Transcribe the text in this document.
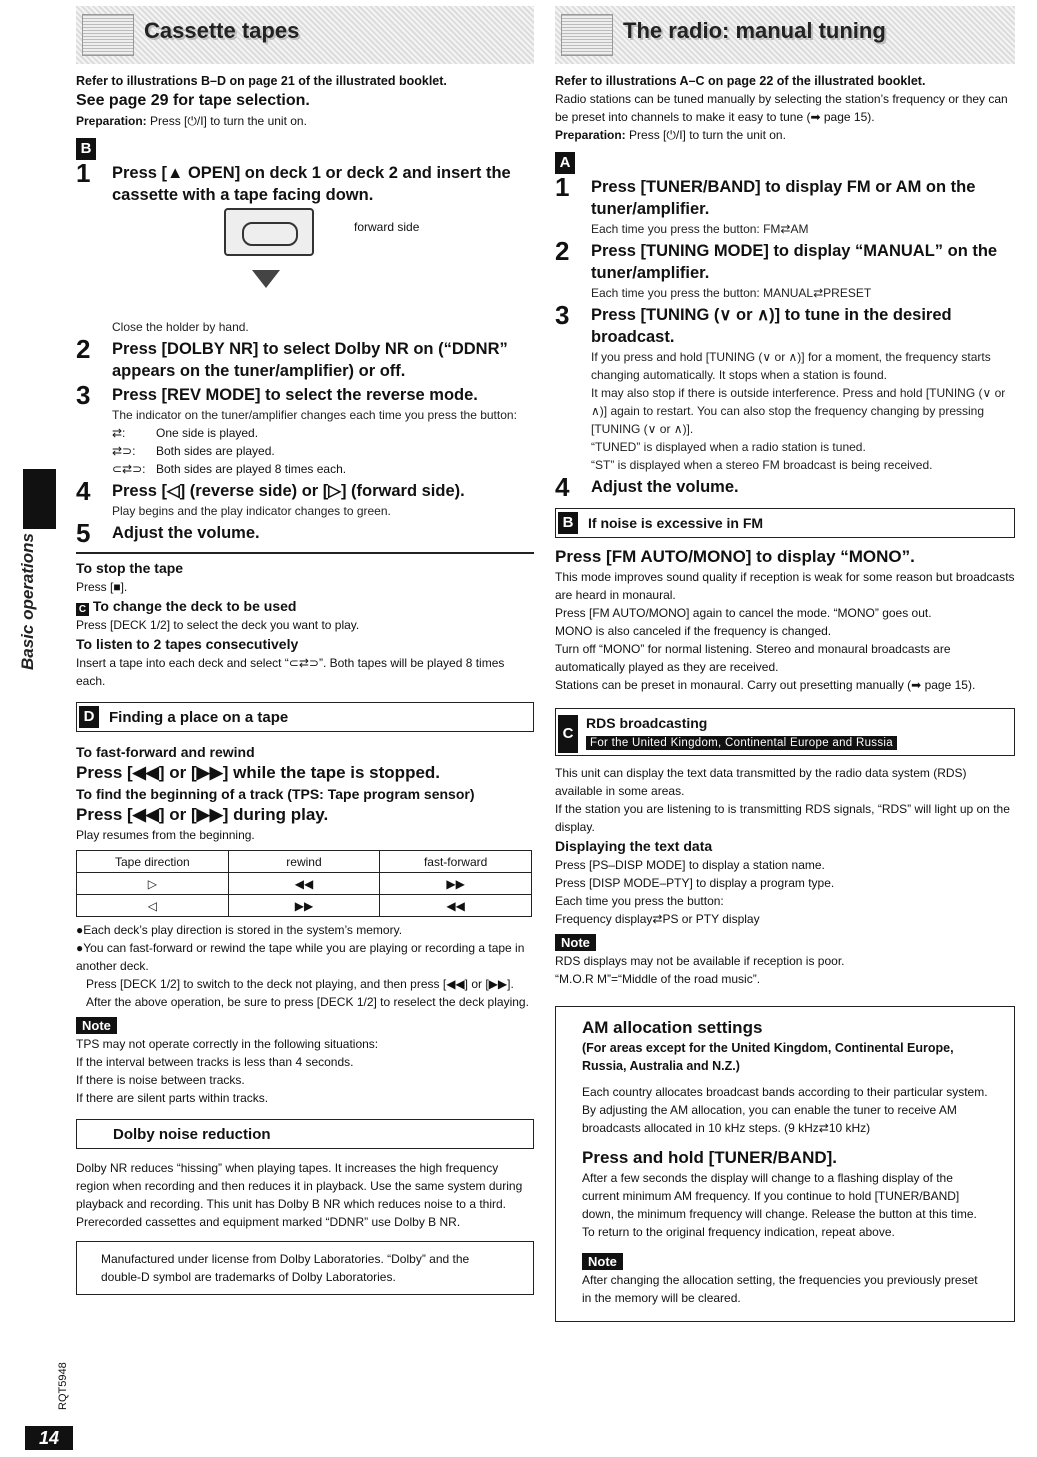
Basic operations
RQT5948
14
Cassette tapes

Refer to illustrations B–D on page 21 of the illustrated booklet.

See page 29 for tape selection.

Preparation: Press [⏻/I] to turn the unit on.

B
1 Press [▲ OPEN] on deck 1 or deck 2 and insert the cassette with a tape facing down.

forward side

Close the holder by hand.

2 Press [DOLBY NR] to select Dolby NR on (“DDNR” appears on the tuner/amplifier) or off.

3 Press [REV MODE] to select the reverse mode.

The indicator on the tuner/amplifier changes each time you press the button:

⇄:	One side is played.
⇄⊃:	Both sides are played.
⊂⇄⊃: Both sides are played 8 times each.
4 Press [◁] (reverse side) or [▷] (forward side).

Play begins and the play indicator changes to green.

5 Adjust the volume.

To stop the tape

Press [■].

C To change the deck to be used

Press [DECK 1/2] to select the deck you want to play.

To listen to 2 tapes consecutively

Insert a tape into each deck and select “⊂⇄⊃”. Both tapes will be played 8 times each.

D Finding a place on a tape

To fast-forward and rewind

Press [◀◀] or [▶▶] while the tape is stopped.

To find the beginning of a track (TPS: Tape program sensor)

Press [◀◀] or [▶▶] during play.

Play resumes from the beginning.

Tape direction	rewind	fast-forward
▷	◀◀	▶▶
◁	▶▶	◀◀

●Each deck’s play direction is stored in the system’s memory.

●You can fast-forward or rewind the tape while you are playing or recording a tape in another deck.

Press [DECK 1/2] to switch to the deck not playing, and then press [◀◀] or [▶▶]. After the above operation, be sure to press [DECK 1/2] to reselect the deck playing.

Note

TPS may not operate correctly in the following situations:

If the interval between tracks is less than 4 seconds.

If there is noise between tracks.

If there are silent parts within tracks.

Dolby noise reduction

Dolby NR reduces “hissing” when playing tapes. It increases the high frequency region when recording and then reduces it in playback. Use the same system during playback and recording. This unit has Dolby B NR which reduces noise to a third.

Prerecorded cassettes and equipment marked “DDNR” use Dolby B NR.

Manufactured under license from Dolby Laboratories. “Dolby” and the double-D symbol are trademarks of Dolby Laboratories.

The radio: manual tuning

Refer to illustrations A–C on page 22 of the illustrated booklet.

Radio stations can be tuned manually by selecting the station’s frequency or they can be preset into channels to make it easy to tune (➡ page 15).

Preparation: Press [⏻/I] to turn the unit on.

A
1 Press [TUNER/BAND] to display FM or AM on the tuner/amplifier.

Each time you press the button: FM⇄AM

2 Press [TUNING MODE] to display “MANUAL” on the tuner/amplifier.

Each time you press the button: MANUAL⇄PRESET

3 Press [TUNING (∨ or ∧)] to tune in the desired broadcast.

If you press and hold [TUNING (∨ or ∧)] for a moment, the frequency starts changing automatically. It stops when a station is found.

It may also stop if there is outside interference. Press and hold [TUNING (∨ or ∧)] again to restart. You can also stop the frequency changing by pressing [TUNING (∨ or ∧)].

“TUNED” is displayed when a radio station is tuned.

“ST” is displayed when a stereo FM broadcast is being received.

4 Adjust the volume.

B	If noise is excessive in FM

Press [FM AUTO/MONO] to display “MONO”.

This mode improves sound quality if reception is weak for some reason but broadcasts are heard in monaural.

Press [FM AUTO/MONO] again to cancel the mode. “MONO” goes out.

MONO is also canceled if the frequency is changed.

Turn off “MONO” for normal listening. Stereo and monaural broadcasts are automatically played as they are received.

Stations can be preset in monaural. Carry out presetting manually (➡ page 15).

C

RDS broadcasting

For the United Kingdom, Continental Europe and Russia

This unit can display the text data transmitted by the radio data system (RDS) available in some areas.

If the station you are listening to is transmitting RDS signals, “RDS” will light up on the display.

Displaying the text data

Press [PS–DISP MODE] to display a station name.

Press [DISP MODE–PTY] to display a program type.

Each time you press the button:

Frequency display⇄PS or PTY display

Note

RDS displays may not be available if reception is poor.

“M.O.R M”=“Middle of the road music”.

AM allocation settings

(For areas except for the United Kingdom, Continental Europe, Russia, Australia and N.Z.)

Each country allocates broadcast bands according to their particular system.

By adjusting the AM allocation, you can enable the tuner to receive AM broadcasts allocated in 10 kHz steps. (9 kHz⇄10 kHz)

Press and hold [TUNER/BAND].

After a few seconds the display will change to a flashing display of the current minimum AM frequency. If you continue to hold [TUNER/BAND] down, the minimum frequency will change. Release the button at this time.

To return to the original frequency indication, repeat above.

Note

After changing the allocation setting, the frequencies you previously preset in the memory will be cleared.
